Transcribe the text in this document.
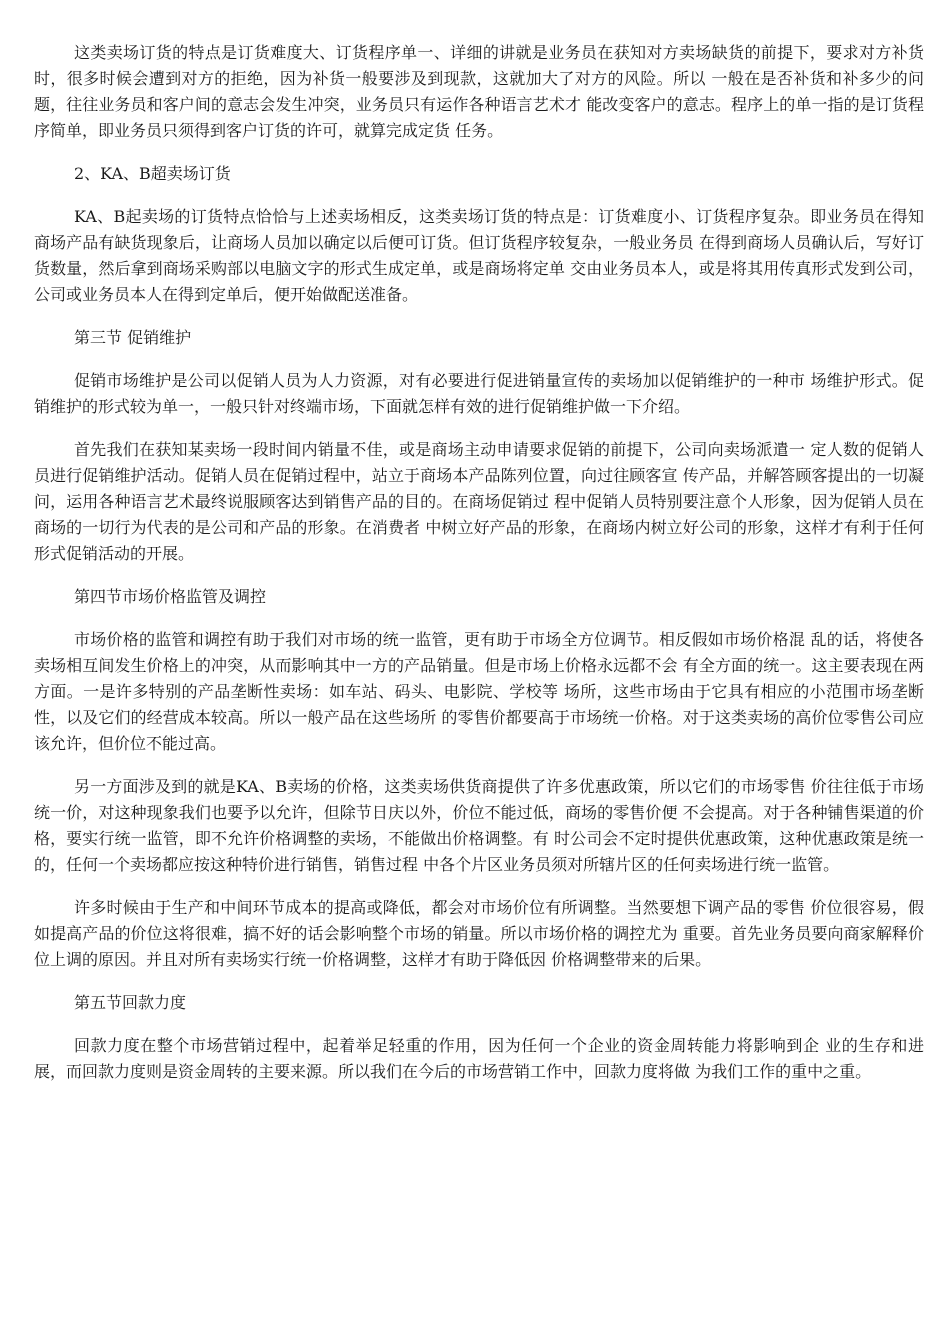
这类卖场订货的特点是订货难度大、订货程序单一、详细的讲就是业务员在获知对方卖场缺货的前提下，要求对方补货时，很多时候会遭到对方的拒绝，因为补货一般要涉及到现款，这就加大了对方的风险。所以 一般在是否补货和补多少的问题，往往业务员和客户间的意志会发生冲突，业务员只有运作各种语言艺术才 能改变客户的意志。程序上的单一指的是订货程序简单，即业务员只须得到客户订货的许可，就算完成定货 任务。

2、KA、B超卖场订货

KA、B起卖场的订货特点恰恰与上述卖场相反，这类卖场订货的特点是：订货难度小、订货程序复杂。即业务员在得知商场产品有缺货现象后，让商场人员加以确定以后便可订货。但订货程序较复杂，一般业务员 在得到商场人员确认后，写好订货数量，然后拿到商场采购部以电脑文字的形式生成定单，或是商场将定单 交由业务员本人，或是将其用传真形式发到公司，公司或业务员本人在得到定单后，便开始做配送准备。

第三节 促销维护

促销市场维护是公司以促销人员为人力资源，对有必要进行促进销量宣传的卖场加以促销维护的一种市 场维护形式。促销维护的形式较为单一，一般只针对终端市场，下面就怎样有效的进行促销维护做一下介绍。

首先我们在获知某卖场一段时间内销量不佳，或是商场主动申请要求促销的前提下，公司向卖场派遣一 定人数的促销人员进行促销维护活动。促销人员在促销过程中，站立于商场本产品陈列位置，向过往顾客宣 传产品，并解答顾客提出的一切凝问，运用各种语言艺术最终说服顾客达到销售产品的目的。在商场促销过 程中促销人员特别要注意个人形象，因为促销人员在商场的一切行为代表的是公司和产品的形象。在消费者 中树立好产品的形象，在商场内树立好公司的形象，这样才有利于任何形式促销活动的开展。

第四节市场价格监管及调控

市场价格的监管和调控有助于我们对市场的统一监管，更有助于市场全方位调节。相反假如市场价格混 乱的话，将使各卖场相互间发生价格上的冲突，从而影响其中一方的产品销量。但是市场上价格永远都不会 有全方面的统一。这主要表现在两方面。一是许多特别的产品垄断性卖场：如车站、码头、电影院、学校等 场所，这些市场由于它具有相应的小范围市场垄断性，以及它们的经营成本较高。所以一般产品在这些场所 的零售价都要高于市场统一价格。对于这类卖场的高价位零售公司应该允许，但价位不能过高。

另一方面涉及到的就是KA、B卖场的价格，这类卖场供货商提供了许多优惠政策，所以它们的市场零售 价往往低于市场统一价，对这种现象我们也要予以允许，但除节日庆以外，价位不能过低，商场的零售价便 不会提高。对于各种铺售渠道的价格，要实行统一监管，即不允许价格调整的卖场，不能做出价格调整。有 时公司会不定时提供优惠政策，这种优惠政策是统一的，任何一个卖场都应按这种特价进行销售，销售过程 中各个片区业务员须对所辖片区的任何卖场进行统一监管。

许多时候由于生产和中间环节成本的提高或降低，都会对市场价位有所调整。当然要想下调产品的零售 价位很容易，假如提高产品的价位这将很难，搞不好的话会影响整个市场的销量。所以市场价格的调控尤为 重要。首先业务员要向商家解释价位上调的原因。并且对所有卖场实行统一价格调整，这样才有助于降低因 价格调整带来的后果。

第五节回款力度

回款力度在整个市场营销过程中，起着举足轻重的作用，因为任何一个企业的资金周转能力将影响到企 业的生存和进展，而回款力度则是资金周转的主要来源。所以我们在今后的市场营销工作中，回款力度将做 为我们工作的重中之重。
